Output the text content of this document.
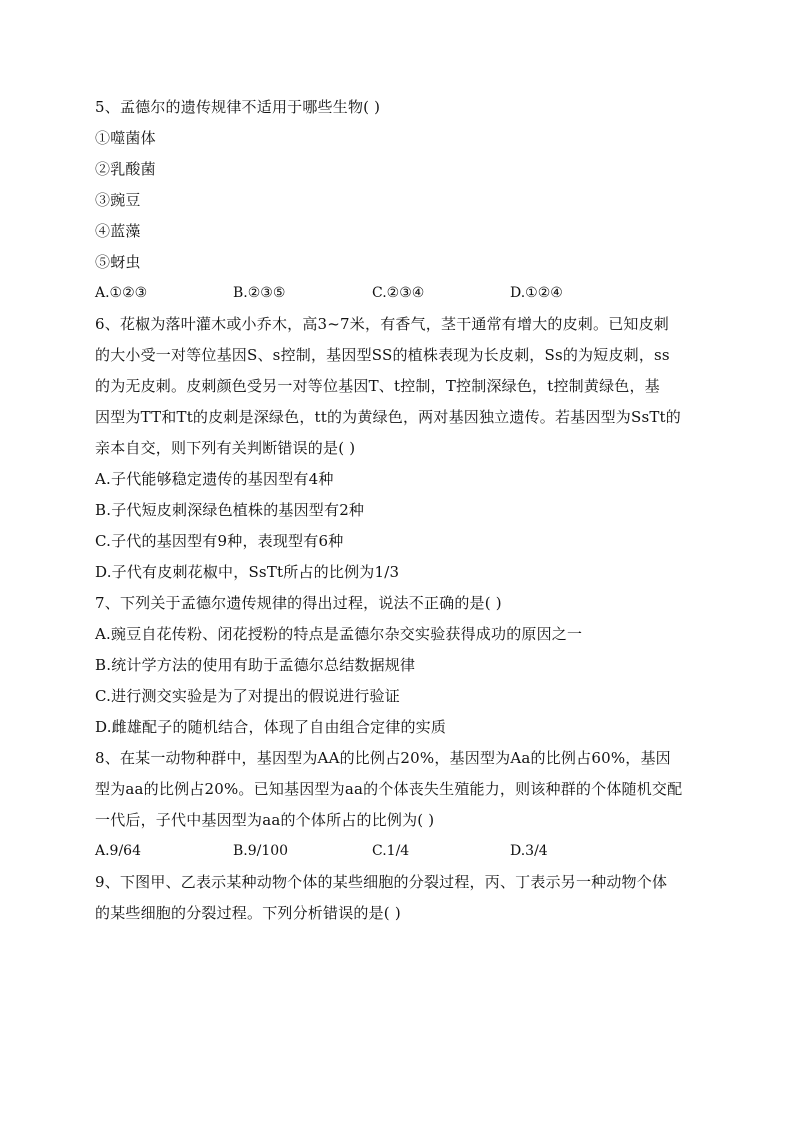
5、孟德尔的遗传规律不适用于哪些生物( )
①噬菌体
②乳酸菌
③豌豆
④蓝藻
⑤蚜虫
A.①②③	B.②③⑤	C.②③④	D.①②④
6、花椒为落叶灌木或小乔木，高3~7米，有香气，茎干通常有增大的皮刺。已知皮刺
的大小受一对等位基因S、s控制，基因型SS的植株表现为长皮刺，Ss的为短皮刺，ss
的为无皮刺。皮刺颜色受另一对等位基因T、t控制，T控制深绿色，t控制黄绿色，基
因型为TT和Tt的皮刺是深绿色，tt的为黄绿色，两对基因独立遗传。若基因型为SsTt的
亲本自交，则下列有关判断错误的是( )
A.子代能够稳定遗传的基因型有4种
B.子代短皮刺深绿色植株的基因型有2种
C.子代的基因型有9种，表现型有6种
D.子代有皮刺花椒中，SsTt所占的比例为1/3
7、下列关于孟德尔遗传规律的得出过程，说法不正确的是( )
A.豌豆自花传粉、闭花授粉的特点是孟德尔杂交实验获得成功的原因之一
B.统计学方法的使用有助于孟德尔总结数据规律
C.进行测交实验是为了对提出的假说进行验证
D.雌雄配子的随机结合，体现了自由组合定律的实质
8、在某一动物种群中，基因型为AA的比例占20%，基因型为Aa的比例占60%，基因
型为aa的比例占20%。已知基因型为aa的个体丧失生殖能力，则该种群的个体随机交配
一代后，子代中基因型为aa的个体所占的比例为( )
A.9/64	B.9/100	C.1/4	D.3/4
9、下图甲、乙表示某种动物个体的某些细胞的分裂过程，丙、丁表示另一种动物个体
的某些细胞的分裂过程。下列分析错误的是( )
